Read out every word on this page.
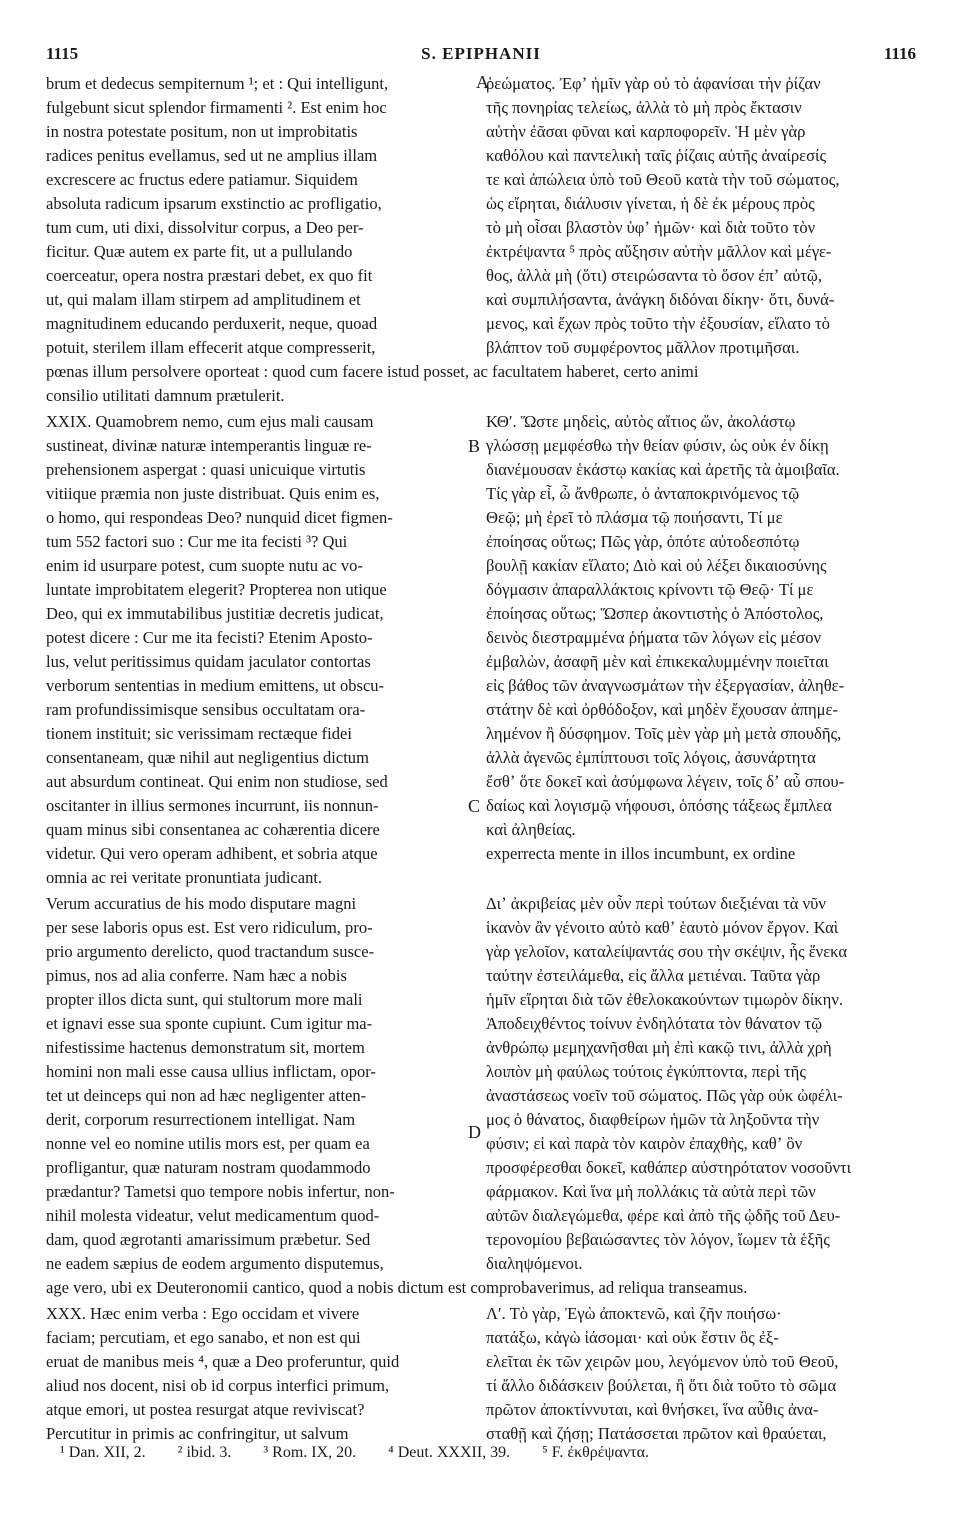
1115	S. EPIPHANII	1116
brum et dedecus sempiternum ¹; et : Qui intelligunt,	ῥεώματος. Ἐφʼ ἡμῖν γὰρ οὐ τὸ ἀφανίσαι τὴν ῥίζαν
fulgebunt sicut splendor firmamenti ². Est enim hoc	τῆς πονηρίας τελείως, ἀλλὰ τὸ μὴ πρὸς ἔκτασιν
in nostra potestate positum, non ut improbitatis	αὐτὴν ἐᾶσαι φῦναι καὶ καρποφορεῖν. Ἡ μὲν γὰρ
radices penitus evellamus, sed ut ne amplius illam	καθόλου καὶ παντελικὴ ταῖς ῥίζαις αὐτῆς ἀναίρεσίς
excrescere ac fructus edere patiamur. Siquidem	τε καὶ ἀπώλεια ὑπὸ τοῦ Θεοῦ κατὰ τὴν τοῦ σώματος,
absoluta radicum ipsarum exstinctio ac profligatio,	ὡς εἴρηται, διάλυσιν γίνεται, ἡ δὲ ἐκ μέρους πρὸς
tum cum, uti dixi, dissolvitur corpus, a Deo per-	τὸ μὴ οἶσαι βλαστὸν ὑφʼ ἡμῶν· καὶ διὰ τοῦτο τὸν
ficitur. Quæ autem ex parte fit, ut a pullulando	ἐκτρέψαντα ⁵ πρὸς αὔξησιν αὐτὴν μᾶλλον καὶ μέγε-
coerceatur, opera nostra præstari debet, ex quo fit	θος, ἀλλὰ μὴ (ὅτι) στειρώσαντα τὸ ὅσον ἐπʼ αὐτῷ,
ut, qui malam illam stirpem ad amplitudinem et	καὶ συμπιλήσαντα, ἀνάγκη διδόναι δίκην· ὅτι, δυνά-
magnitudinem educando perduxerit, neque, quoad	μενος, καὶ ἔχων πρὸς τοῦτο τὴν ἐξουσίαν, εἵλατο τὸ
potuit, sterilem illam effecerit atque compresserit,	βλάπτον τοῦ συμφέροντος μᾶλλον προτιμῆσαι.
pœnas illum persolvere oporteat : quod cum facere istud posset, ac facultatem haberet, certo animi
consilio utilitati damnum prætulerit.
XXIX. Quamobrem nemo, cum ejus mali causam	ΚΘʹ. Ὥστε μηδεὶς, αὐτὸς αἴτιος ὤν, ἀκολάστῳ
sustineat, divinæ naturæ intemperantis linguæ re-	γλώσσῃ μεμφέσθω τὴν θείαν φύσιν, ὡς οὐκ ἐν δίκῃ
prehensionem aspergat : quasi unicuique virtutis	διανέμουσαν ἑκάστῳ κακίας καὶ ἀρετῆς τὰ ἀμοιβαῖα.
vitiique præmia non juste distribuat. Quis enim es,	Τίς γὰρ εἶ, ὦ ἄνθρωπε, ὁ ἀνταποκρινόμενος τῷ
o homo, qui respondeas Deo? nunquid dicet figmen-	Θεῷ; μὴ ἐρεῖ τὸ πλάσμα τῷ ποιήσαντι, Τί με
tum 552 factori suo : Cur me ita fecisti ³? Qui	ἐποίησας οὕτως; Πῶς γὰρ, ὁπότε αὐτοδεσπότῳ
enim id usurpare potest, cum suopte nutu ac vo-	βουλῇ κακίαν εἵλατο; Διὸ καὶ οὐ λέξει δικαιοσύνης
luntate improbitatem elegerit? Propterea non utique	δόγμασιν ἀπαραλλάκτοις κρίνοντι τῷ Θεῷ· Τί με
Deo, qui ex immutabilibus justitiæ decretis judicat,	ἐποίησας οὕτως; Ὥσπερ ἀκοντιστὴς ὁ Ἀπόστολος,
potest dicere : Cur me ita fecisti? Etenim Aposto-	δεινὸς διεστραμμένα ῥήματα τῶν λόγων εἰς μέσον
lus, velut peritissimus quidam jaculator contortas	ἐμβαλὼν, ἀσαφῆ μὲν καὶ ἐπικεκαλυμμένην ποιεῖται
verborum sententias in medium emittens, ut obscu-	εἰς βάθος τῶν ἀναγνωσμάτων τὴν ἐξεργασίαν, ἀληθε-
ram profundissimisque sensibus occultatam ora-	στάτην δὲ καὶ ὀρθόδοξον, καὶ μηδὲν ἔχουσαν ἀπημε-
tionem instituit; sic verissimam rectæque fidei	λημένον ἢ δύσφημον. Τοῖς μὲν γὰρ μὴ μετὰ σπουδῆς,
consentaneam, quæ nihil aut negligentius dictum	ἀλλὰ ἀγενῶς ἐμπίπτουσι τοῖς λόγοις, ἀσυνάρτητα
aut absurdum contineat. Qui enim non studiose, sed	ἔσθʼ ὅτε δοκεῖ καὶ ἀσύμφωνα λέγειν, τοῖς δʼ αὖ σπου-
oscitanter in illius sermones incurrunt, iis nonnun-	δαίως καὶ λογισμῷ νήφουσι, ὁπόσης τάξεως ἔμπλεα
quam minus sibi consentanea ac cohærentia dicere	καὶ ἀληθείας.
videtur. Qui vero operam adhibent, et sobria atque	experrecta mente in illos incumbunt, ex ordine
omnia ac rei veritate pronuntiata judicant.
Verum accuratius de his modo disputare magni	Διʼ ἀκριβείας μὲν οὖν περὶ τούτων διεξιέναι τὰ νῦν
per sese laboris opus est. Est vero ridiculum, pro-	ἱκανὸν ἂν γένοιτο αὐτὸ καθʼ ἑαυτὸ μόνον ἔργον. Καὶ
prio argumento derelicto, quod tractandum susce-	γὰρ γελοῖον, καταλείψαντάς σου τὴν σκέψιν, ἧς ἕνεκα
pimus, nos ad alia conferre. Nam hæc a nobis	ταύτην ἐστειλάμεθα, εἰς ἄλλα μετιέναι. Ταῦτα γὰρ
propter illos dicta sunt, qui stultorum more mali	ἡμῖν εἴρηται διὰ τῶν ἐθελοκακούντων τιμωρὸν δίκην.
et ignavi esse sua sponte cupiunt. Cum igitur ma-	Ἀποδειχθέντος τοίνυν ἐνδηλότατα τὸν θάνατον τῷ
nifestissime hactenus demonstratum sit, mortem	ἀνθρώπῳ μεμηχανῆσθαι μὴ ἐπὶ κακῷ τινι, ἀλλὰ χρὴ
homini non mali esse causa ullius inflictam, opor-	λοιπὸν μὴ φαύλως τούτοις ἐγκύπτοντα, περὶ τῆς
tet ut deinceps qui non ad hæc negligenter atten-	ἀναστάσεως νοεῖν τοῦ σώματος. Πῶς γὰρ οὐκ ὠφέλι-
derit, corporum resurrectionem intelligat. Nam	μος ὁ θάνατος, διαφθείρων ἡμῶν τὰ ληξοῦντα τὴν
nonne vel eo nomine utilis mors est, per quam ea	φύσιν; εἰ καὶ παρὰ τὸν καιρὸν ἐπαχθὴς, καθʼ ὃν
profligantur, quæ naturam nostram quodammodo	προσφέρεσθαι δοκεῖ, καθάπερ αὐστηρότατον νοσοῦντι
prædantur? Tametsi quo tempore nobis infertur, non-	φάρμακον. Καὶ ἵνα μὴ πολλάκις τὰ αὐτὰ περὶ τῶν
nihil molesta videatur, velut medicamentum quod-	αὐτῶν διαλεγώμεθα, φέρε καὶ ἀπὸ τῆς ᾠδῆς τοῦ Δευ-
dam, quod ægrotanti amarissimum præbetur. Sed	τερονομίου βεβαιώσαντες τὸν λόγον, ἴωμεν τὰ ἑξῆς
ne eadem sæpius de eodem argumento disputemus,	διαληψόμενοι.
age vero, ubi ex Deuteronomii cantico, quod a nobis dictum est comprobaverimus, ad reliqua transeamus.
XXX. Hæc enim verba : Ego occidam et vivere	Λʹ. Τὸ γὰρ, Ἐγὼ ἀποκτενῶ, καὶ ζῆν ποιήσω·
faciam; percutiam, et ego sanabo, et non est qui	πατάξω, κἀγὼ ἰάσομαι· καὶ οὐκ ἔστιν ὃς ἐξ-
eruat de manibus meis ⁴, quæ a Deo proferuntur, quid	ελεῖται ἐκ τῶν χειρῶν μου, λεγόμενον ὑπὸ τοῦ Θεοῦ,
aliud nos docent, nisi ob id corpus interfici primum,	τί ἄλλο διδάσκειν βούλεται, ἢ ὅτι διὰ τοῦτο τὸ σῶμα
atque emori, ut postea resurgat atque reviviscat?	πρῶτον ἀποκτίννυται, καὶ θνήσκει, ἵνα αὖθις ἀνα-
Percutitur in primis ac confringitur, ut salvum	σταθῇ καὶ ζήσῃ; Πατάσσεται πρῶτον καὶ θραύεται,
A
B
C
D
¹ Dan. XII, 2. ² ibid. 3. ³ Rom. IX, 20. ⁴ Deut. XXXII, 39. ⁵ F. ἐκθρέψαντα.
